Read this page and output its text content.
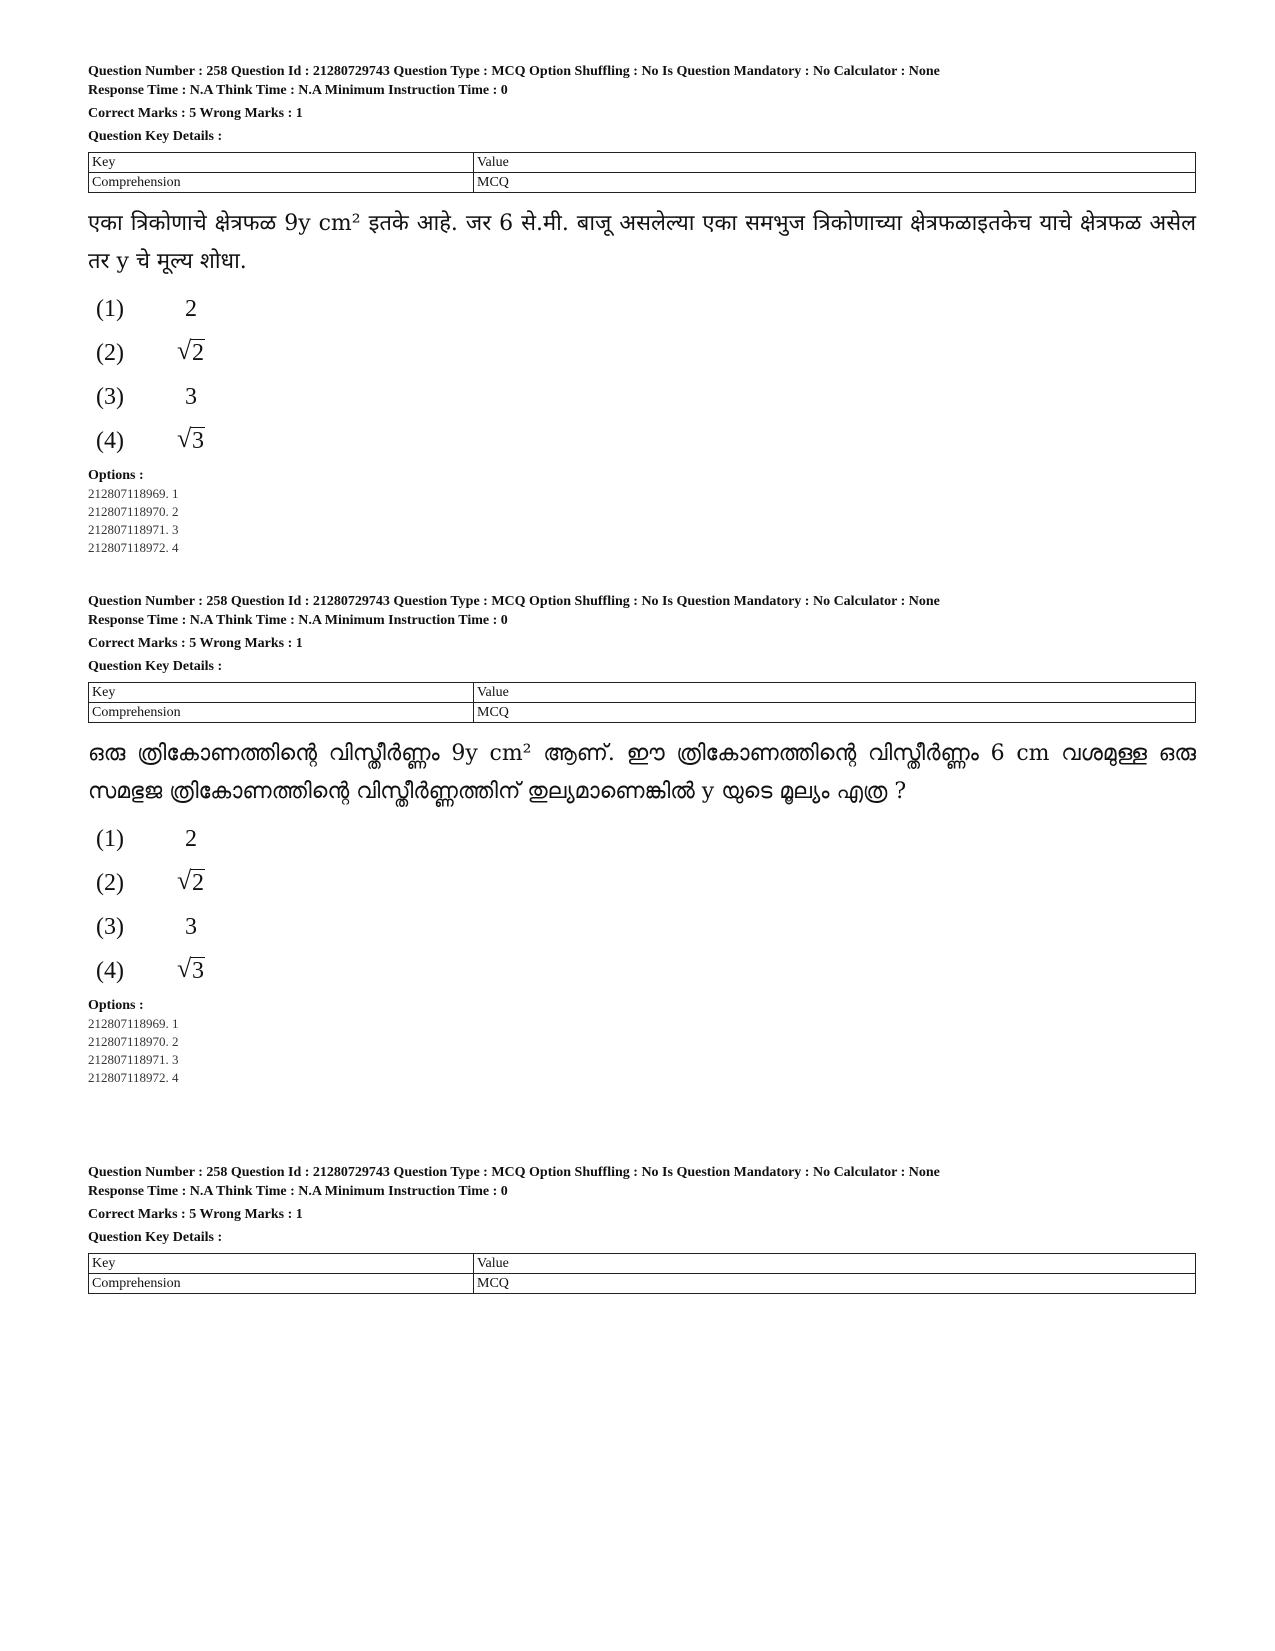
Question Number : 258 Question Id : 21280729743 Question Type : MCQ Option Shuffling : No Is Question Mandatory : No Calculator : None
Response Time : N.A Think Time : N.A Minimum Instruction Time : 0
Correct Marks : 5 Wrong Marks : 1
Question Key Details :
Key	Value
Comprehension	MCQ
एका त्रिकोणाचे क्षेत्रफळ 9y cm² इतके आहे. जर 6 से.मी. बाजू असलेल्या एका समभुज त्रिकोणाच्या क्षेत्रफळाइतकेच याचे क्षेत्रफळ असेल तर y चे मूल्य शोधा.
(1)	2
(2)	√ 2
(3)	3
(4)	√ 3
Options :
212807118969. 1
212807118970. 2
212807118971. 3
212807118972. 4
Question Number : 258 Question Id : 21280729743 Question Type : MCQ Option Shuffling : No Is Question Mandatory : No Calculator : None
Response Time : N.A Think Time : N.A Minimum Instruction Time : 0
Correct Marks : 5 Wrong Marks : 1
Question Key Details :
Key	Value
Comprehension	MCQ
ഒരു ത്രികോണത്തിന്റെ വിസ്തീർണ്ണം 9y cm² ആണ്. ഈ ത്രികോണത്തിന്റെ വിസ്തീർണ്ണം 6 cm വശമുള്ള ഒരു സമഭുജ ത്രികോണത്തിന്റെ വിസ്തീർണ്ണത്തിന് തുല്യമാണെങ്കിൽ y യുടെ മൂല്യം എത്ര ?
(1)	2
(2)	√ 2
(3)	3
(4)	√ 3
Options :
212807118969. 1
212807118970. 2
212807118971. 3
212807118972. 4
Question Number : 258 Question Id : 21280729743 Question Type : MCQ Option Shuffling : No Is Question Mandatory : No Calculator : None
Response Time : N.A Think Time : N.A Minimum Instruction Time : 0
Correct Marks : 5 Wrong Marks : 1
Question Key Details :
Key	Value
Comprehension	MCQ
